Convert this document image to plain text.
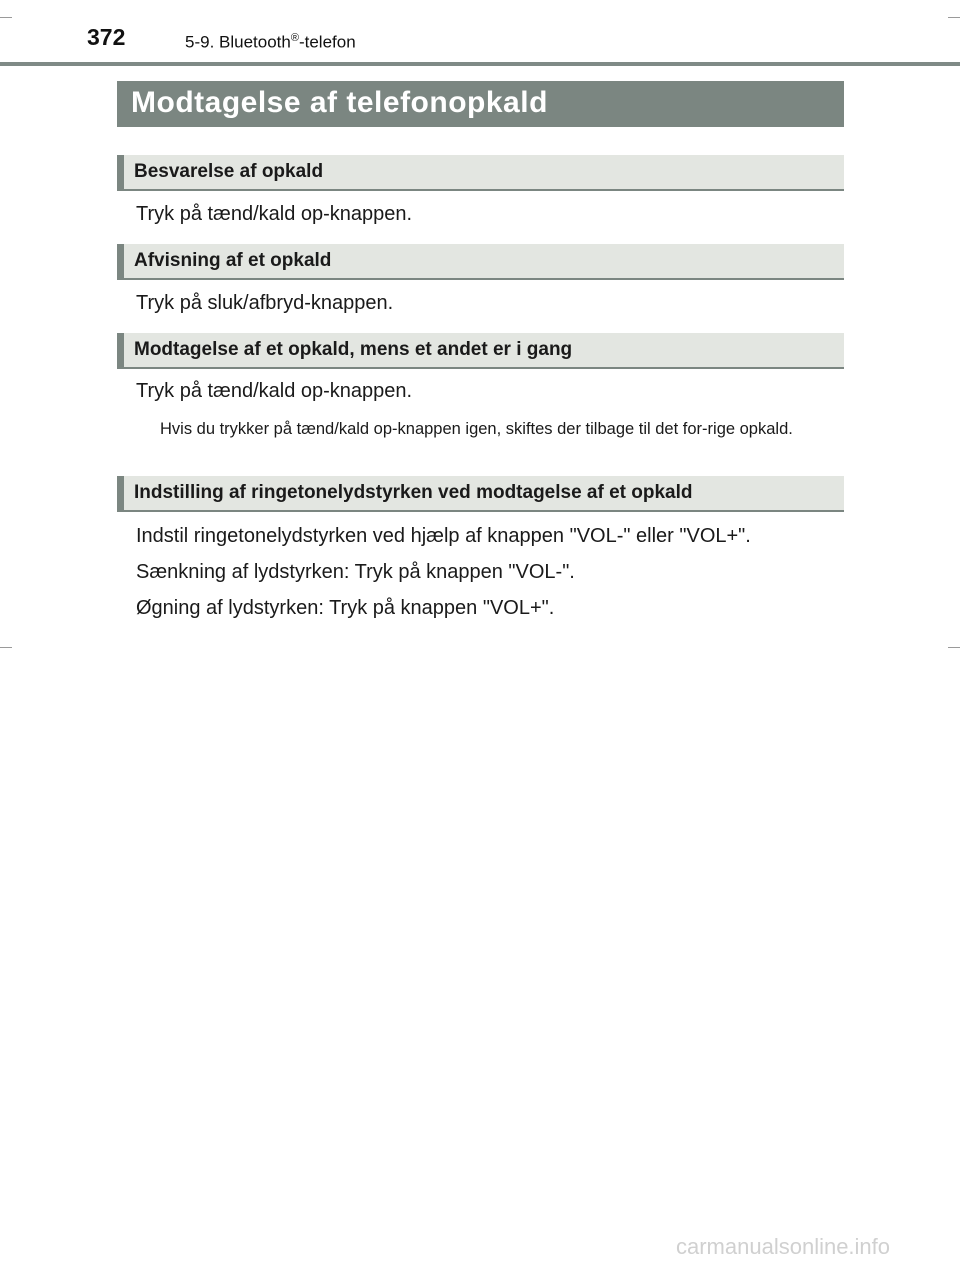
372	5-9. Bluetooth®-telefon
Modtagelse af telefonopkald
Besvarelse af opkald
Tryk på tænd/kald op-knappen.
Afvisning af et opkald
Tryk på sluk/afbryd-knappen.
Modtagelse af et opkald, mens et andet er i gang
Tryk på tænd/kald op-knappen.
Hvis du trykker på tænd/kald op-knappen igen, skiftes der tilbage til det for-rige opkald.
Indstilling af ringetonelydstyrken ved modtagelse af et opkald
Indstil ringetonelydstyrken ved hjælp af knappen "VOL-" eller "VOL+".
Sænkning af lydstyrken: Tryk på knappen "VOL-".
Øgning af lydstyrken: Tryk på knappen "VOL+".
carmanualsonline.info
